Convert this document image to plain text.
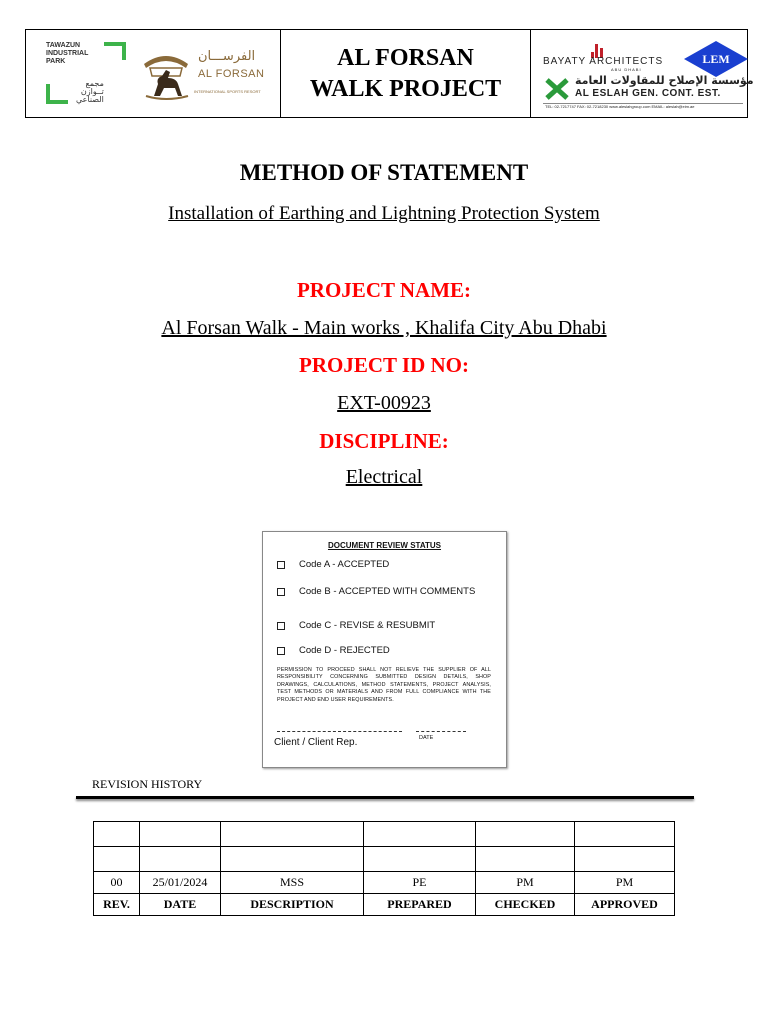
TAWAZUN
INDUSTRIAL
PARK
مجمع
تــوازن
الصناعي
الفرســـان
AL FORSAN
INTERNATIONAL SPORTS RESORT
AL FORSAN
WALK PROJECT
BAYATY ARCHITECTS
ABU DHABI
LEM
مؤسسة الإصلاح للمقاولات العامة
AL ESLAH GEN. CONT. EST.
TEL: 02-7217747 FAX: 02-7218230 www.aleslahgroup.com EMAIL: aleslah@eim.ae
METHOD OF STATEMENT
Installation of Earthing and Lightning Protection System
PROJECT NAME:
Al Forsan Walk - Main works , Khalifa City Abu Dhabi
PROJECT ID NO:
EXT-00923
DISCIPLINE:
Electrical
DOCUMENT REVIEW STATUS
Code A - ACCEPTED
Code B - ACCEPTED WITH COMMENTS
Code C - REVISE & RESUBMIT
Code D - REJECTED
PERMISSION TO PROCEED SHALL NOT RELIEVE THE SUPPLIER OF ALL RESPONSIBILITY CONCERNING SUBMITTED DESIGN DETAILS, SHOP DRAWINGS, CALCULATIONS, METHOD STATEMENTS, PROJECT ANALYSIS, TEST METHODS OR MATERIALS AND FROM FULL COMPLIANCE WITH THE PROJECT AND END USER REQUIREMENTS.
DATE
Client / Client Rep.
REVISION HISTORY

00	25/01/2024	MSS	PE	PM	PM
REV.	DATE	DESCRIPTION	PREPARED	CHECKED	APPROVED
